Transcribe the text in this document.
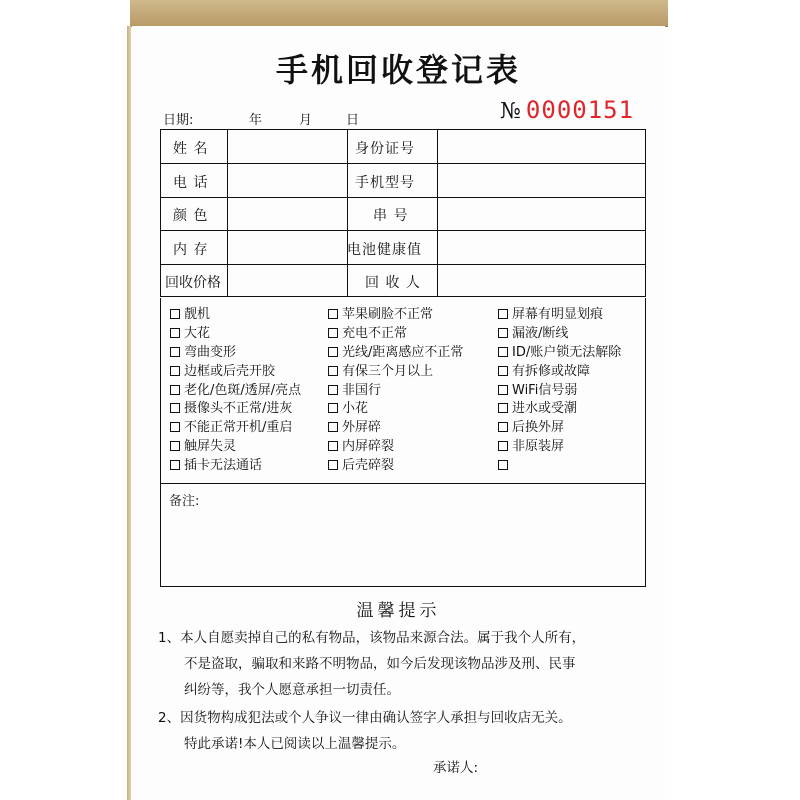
手机回收登记表
日期:	年	月	日	№ 0000151
姓 名	身份证号
电 话	手机型号
颜 色	串 号
内 存	电池健康值
回收价格	回 收 人
靓机
大花
弯曲变形
边框或后壳开胶
老化/色斑/透屏/亮点
摄像头不正常/进灰
不能正常开机/重启
触屏失灵
插卡无法通话
苹果刷脸不正常
充电不正常
光线/距离感应不正常
有保三个月以上
非国行
小花
外屏碎
内屏碎裂
后壳碎裂
屏幕有明显划痕
漏液/断线
ID/账户锁无法解除
有拆修或故障
WiFi信号弱
进水或受潮
后换外屏
非原装屏
备注:
温馨提示
1、本人自愿卖掉自己的私有物品，该物品来源合法。属于我个人所有，
不是盗取，骗取和来路不明物品，如今后发现该物品涉及刑、民事
纠纷等，我个人愿意承担一切责任。
2、因货物构成犯法或个人争议一律由确认签字人承担与回收店无关。
特此承诺!本人已阅读以上温馨提示。
承诺人:
